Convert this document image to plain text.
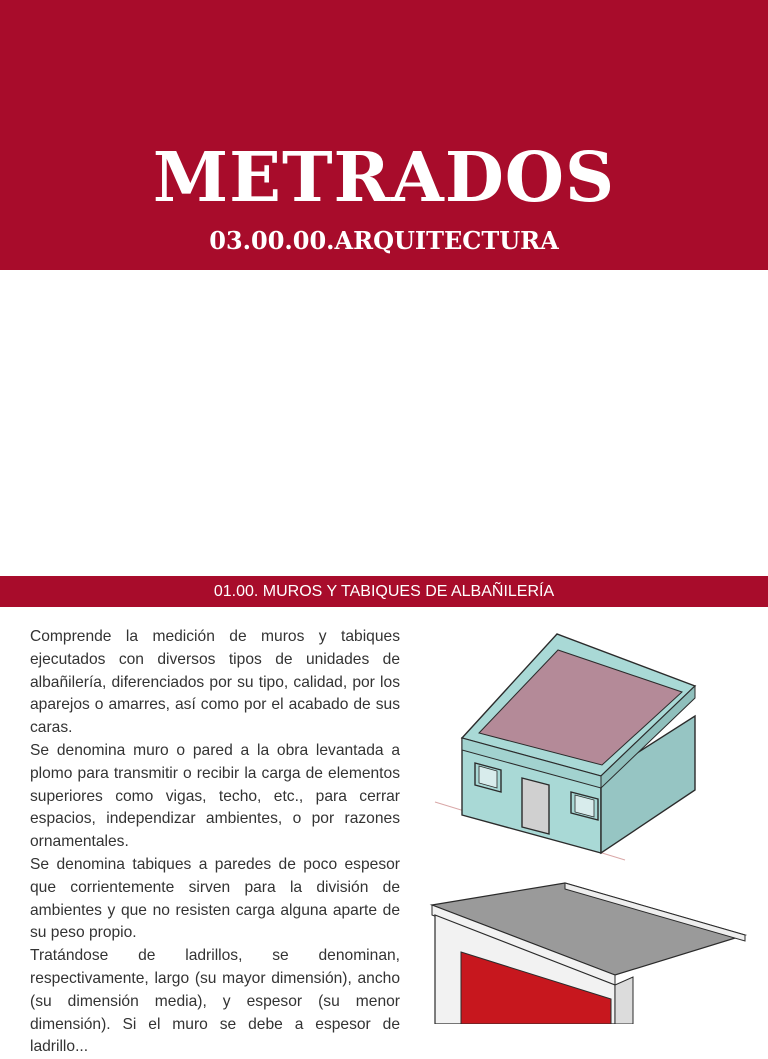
METRADOS
03.00.00.ARQUITECTURA
01.00. MUROS Y TABIQUES DE ALBAÑILERÍA

Comprende la medición de muros y tabiques ejecutados con diversos tipos de unidades de albañilería, diferenciados por su tipo, calidad, por los aparejos o amarres, así como por el acabado de sus caras.

Se denomina muro o pared a la obra levantada a plomo para transmitir o recibir la carga de elementos superiores como vigas, techo, etc., para cerrar espacios, independizar ambientes, o por razones ornamentales.

Se denomina tabiques a paredes de poco espesor que corrientemente sirven para la división de ambientes y que no resisten carga alguna aparte de su peso propio.

Tratándose de ladrillos, se denominan, respectivamente, largo (su mayor dimensión), ancho (su dimensión media), y espesor (su menor dimensión). Si el muro se debe a espesor de ladrillo...
